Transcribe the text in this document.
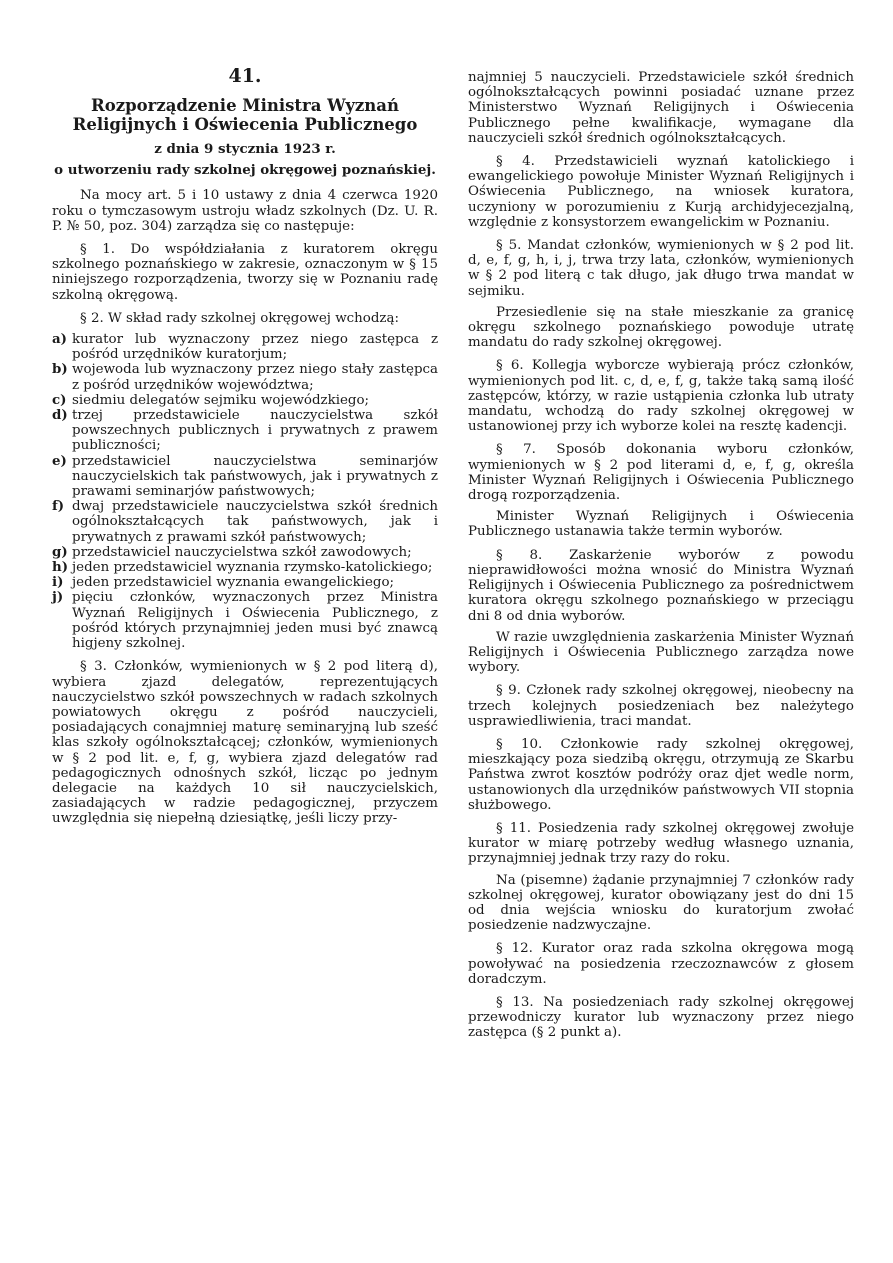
41.
Rozporządzenie Ministra Wyznań
Religijnych i Oświecenia Publicznego
z dnia 9 stycznia 1923 r.
o utworzeniu rady szkolnej okręgowej poznańskiej.

Na mocy art. 5 i 10 ustawy z dnia 4 czerwca 1920 roku o tymczasowym ustroju władz szkolnych (Dz. U. R. P. № 50, poz. 304) zarządza się co następuje:

§ 1. Do współdziałania z kuratorem okręgu szkolnego poznańskiego w zakresie, oznaczonym w § 15 niniejszego rozporządzenia, tworzy się w Poznaniu radę szkolną okręgową.

§ 2. W skład rady szkolnej okręgowej wchodzą:

a) kurator lub wyznaczony przez niego zastępca z pośród urzędników kuratorjum;
b) wojewoda lub wyznaczony przez niego stały zastępca z pośród urzędników województwa;
c) siedmiu delegatów sejmiku wojewódzkiego;
d) trzej przedstawiciele nauczycielstwa szkół powszechnych publicznych i prywatnych z prawem publiczności;
e) przedstawiciel nauczycielstwa seminarjów nauczycielskich tak państwowych, jak i prywatnych z prawami seminarjów państwowych;
f) dwaj przedstawiciele nauczycielstwa szkół średnich ogólnokształcących tak państwowych, jak i prywatnych z prawami szkół państwowych;
g) przedstawiciel nauczycielstwa szkół zawodowych;
h) jeden przedstawiciel wyznania rzymsko-katolickiego;
i) jeden przedstawiciel wyznania ewangelickiego;
j) pięciu członków, wyznaczonych przez Ministra Wyznań Religijnych i Oświecenia Publicznego, z pośród których przynajmniej jeden musi być znawcą higjeny szkolnej.

§ 3. Członków, wymienionych w § 2 pod literą d), wybiera zjazd delegatów, reprezentujących nauczycielstwo szkół powszechnych w radach szkolnych powiatowych okręgu z pośród nauczycieli, posiadających conajmniej maturę seminaryjną lub sześć klas szkoły ogólnokształcącej; członków, wymienionych w § 2 pod lit. e, f, g, wybiera zjazd delegatów rad pedagogicznych odnośnych szkół, licząc po jednym delegacie na każdych 10 sił nauczycielskich, zasiadających w radzie pedagogicznej, przyczem uwzględnia się niepełną dziesiątkę, jeśli liczy przy-

najmniej 5 nauczycieli. Przedstawiciele szkół średnich ogólnokształcących powinni posiadać uznane przez Ministerstwo Wyznań Religijnych i Oświecenia Publicznego pełne kwalifikacje, wymagane dla nauczycieli szkół średnich ogólnokształcących.

§ 4. Przedstawicieli wyznań katolickiego i ewangelickiego powołuje Minister Wyznań Religijnych i Oświecenia Publicznego, na wniosek kuratora, uczyniony w porozumieniu z Kurją archidyjecezjalną, względnie z konsystorzem ewangelickim w Poznaniu.

§ 5. Mandat członków, wymienionych w § 2 pod lit. d, e, f, g, h, i, j, trwa trzy lata, członków, wymienionych w § 2 pod literą c tak długo, jak długo trwa mandat w sejmiku.

Przesiedlenie się na stałe mieszkanie za granicę okręgu szkolnego poznańskiego powoduje utratę mandatu do rady szkolnej okręgowej.

§ 6. Kollegja wyborcze wybierają prócz członków, wymienionych pod lit. c, d, e, f, g, także taką samą ilość zastępców, którzy, w razie ustąpienia członka lub utraty mandatu, wchodzą do rady szkolnej okręgowej w ustanowionej przy ich wyborze kolei na resztę kadencji.

§ 7. Sposób dokonania wyboru członków, wymienionych w § 2 pod literami d, e, f, g, określa Minister Wyznań Religijnych i Oświecenia Publicznego drogą rozporządzenia.

Minister Wyznań Religijnych i Oświecenia Publicznego ustanawia także termin wyborów.

§ 8. Zaskarżenie wyborów z powodu nieprawidłowości można wnosić do Ministra Wyznań Religijnych i Oświecenia Publicznego za pośrednictwem kuratora okręgu szkolnego poznańskiego w przeciągu dni 8 od dnia wyborów.

W razie uwzględnienia zaskarżenia Minister Wyznań Religijnych i Oświecenia Publicznego zarządza nowe wybory.

§ 9. Członek rady szkolnej okręgowej, nieobecny na trzech kolejnych posiedzeniach bez należytego usprawiedliwienia, traci mandat.

§ 10. Członkowie rady szkolnej okręgowej, mieszkający poza siedzibą okręgu, otrzymują ze Skarbu Państwa zwrot kosztów podróży oraz djet wedle norm, ustanowionych dla urzędników państwowych VII stopnia służbowego.

§ 11. Posiedzenia rady szkolnej okręgowej zwołuje kurator w miarę potrzeby według własnego uznania, przynajmniej jednak trzy razy do roku.

Na (pisemne) żądanie przynajmniej 7 członków rady szkolnej okręgowej, kurator obowiązany jest do dni 15 od dnia wejścia wniosku do kuratorjum zwołać posiedzenie nadzwyczajne.

§ 12. Kurator oraz rada szkolna okręgowa mogą powoływać na posiedzenia rzeczoznawców z głosem doradczym.

§ 13. Na posiedzeniach rady szkolnej okręgowej przewodniczy kurator lub wyznaczony przez niego zastępca (§ 2 punkt a).
